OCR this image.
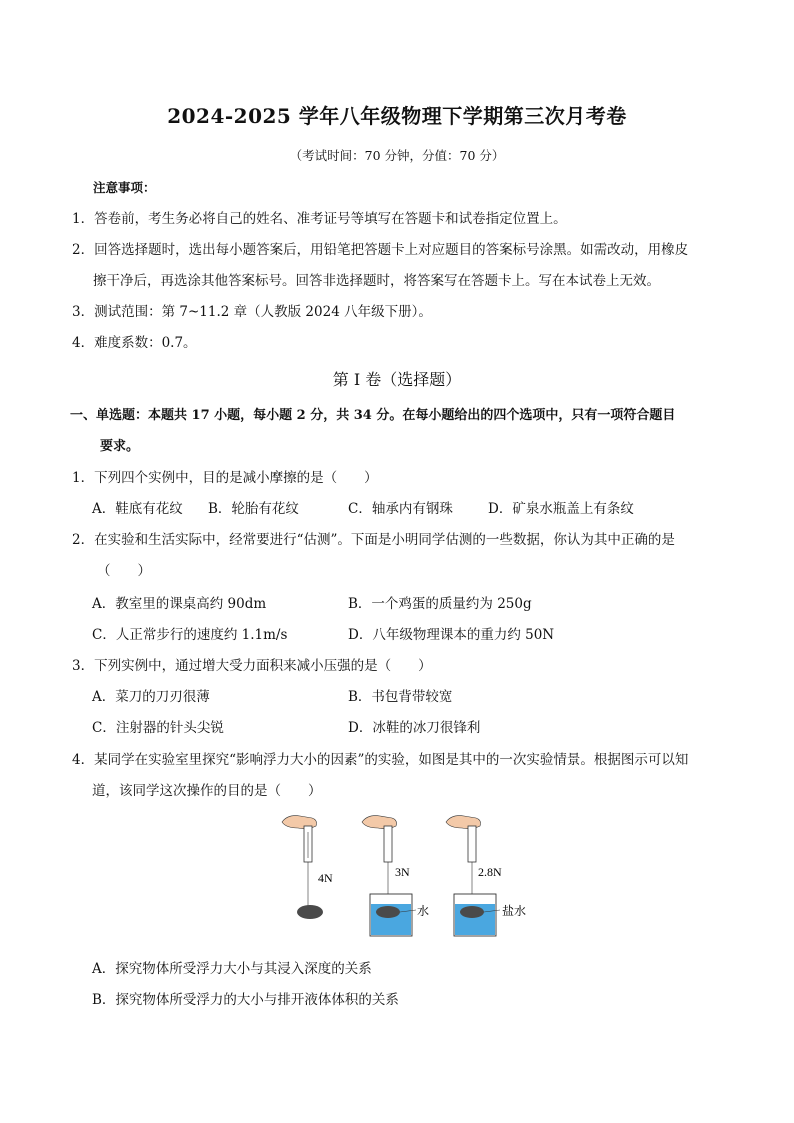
2024-2025 学年八年级物理下学期第三次月考卷
（考试时间：70 分钟，分值：70 分）
注意事项：
1．答卷前，考生务必将自己的姓名、准考证号等填写在答题卡和试卷指定位置上。
2．回答选择题时，选出每小题答案后，用铅笔把答题卡上对应题目的答案标号涂黑。如需改动，用橡皮
擦干净后，再选涂其他答案标号。回答非选择题时，将答案写在答题卡上。写在本试卷上无效。
3．测试范围：第 7~11.2 章（人教版 2024 八年级下册）。
4．难度系数：0.7。
第 I 卷（选择题）
一、单选题：本题共 17 小题，每小题 2 分，共 34 分。在每小题给出的四个选项中，只有一项符合题目
要求。
1．下列四个实例中，目的是减小摩擦的是（　　）
A．鞋底有花纹 B．轮胎有花纹	C．轴承内有钢珠	D．矿泉水瓶盖上有条纹
2．在实验和生活实际中，经常要进行“估测”。下面是小明同学估测的一些数据，你认为其中正确的是
（　　）
A．教室里的课桌高约 90dm	B．一个鸡蛋的质量约为 250g
C．人正常步行的速度约 1.1m/s	D．八年级物理课本的重力约 50N
3．下列实例中，通过增大受力面积来减小压强的是（　　）
A．菜刀的刀刃很薄	B．书包背带较宽
C．注射器的针头尖锐	D．冰鞋的冰刀很锋利
4．某同学在实验室里探究“影响浮力大小的因素”的实验，如图是其中的一次实验情景。根据图示可以知
道，该同学这次操作的目的是（　　）
4N	3N
水
2.8N
盐水
A．探究物体所受浮力大小与其浸入深度的关系
B．探究物体所受浮力的大小与排开液体体积的关系
